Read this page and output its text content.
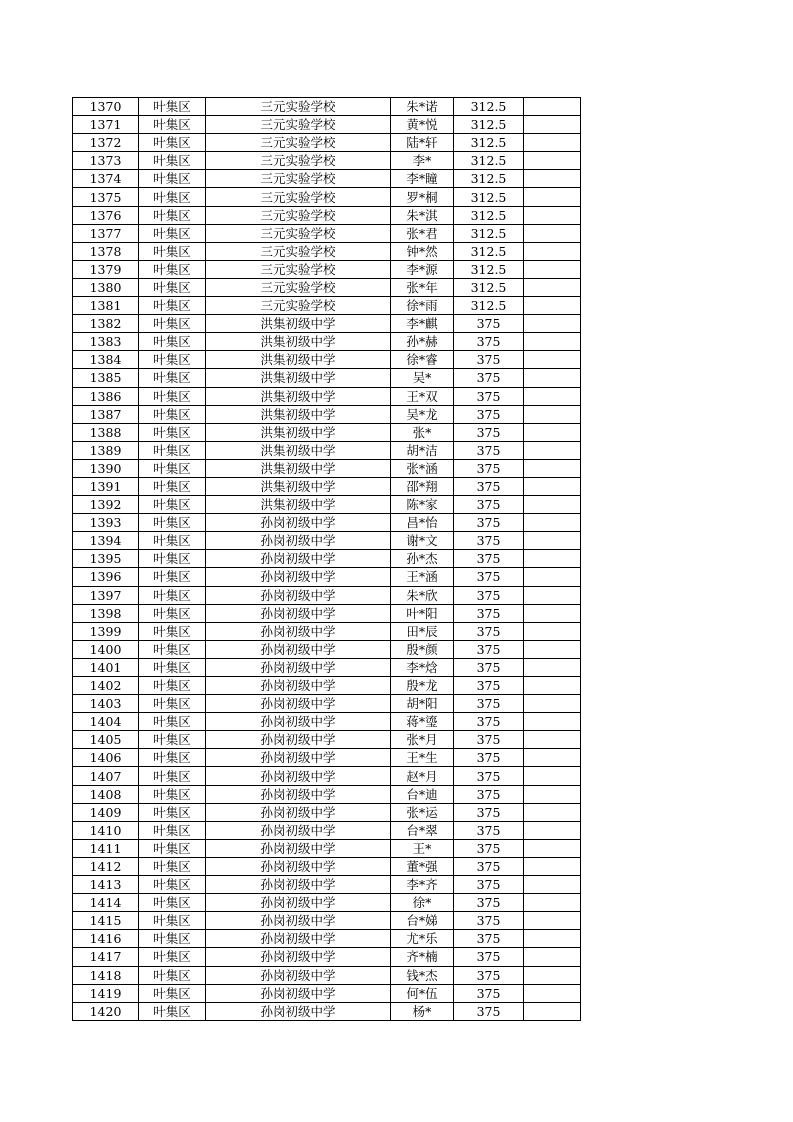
1370	叶集区	三元实验学校	朱*诺	312.5	
1371	叶集区	三元实验学校	黄*悦	312.5	
1372	叶集区	三元实验学校	陆*轩	312.5	
1373	叶集区	三元实验学校	李*	312.5	
1374	叶集区	三元实验学校	李*瞳	312.5	
1375	叶集区	三元实验学校	罗*桐	312.5	
1376	叶集区	三元实验学校	朱*淇	312.5	
1377	叶集区	三元实验学校	张*君	312.5	
1378	叶集区	三元实验学校	钟*然	312.5	
1379	叶集区	三元实验学校	李*源	312.5	
1380	叶集区	三元实验学校	张*年	312.5	
1381	叶集区	三元实验学校	徐*雨	312.5	
1382	叶集区	洪集初级中学	李*麒	375	
1383	叶集区	洪集初级中学	孙*赫	375	
1384	叶集区	洪集初级中学	徐*睿	375	
1385	叶集区	洪集初级中学	吴*	375	
1386	叶集区	洪集初级中学	王*双	375	
1387	叶集区	洪集初级中学	吴*龙	375	
1388	叶集区	洪集初级中学	张*	375	
1389	叶集区	洪集初级中学	胡*洁	375	
1390	叶集区	洪集初级中学	张*涵	375	
1391	叶集区	洪集初级中学	邵*翔	375	
1392	叶集区	洪集初级中学	陈*家	375	
1393	叶集区	孙岗初级中学	昌*怡	375	
1394	叶集区	孙岗初级中学	谢*文	375	
1395	叶集区	孙岗初级中学	孙*杰	375	
1396	叶集区	孙岗初级中学	王*涵	375	
1397	叶集区	孙岗初级中学	朱*欣	375	
1398	叶集区	孙岗初级中学	叶*阳	375	
1399	叶集区	孙岗初级中学	田*辰	375	
1400	叶集区	孙岗初级中学	殷*颜	375	
1401	叶集区	孙岗初级中学	李*焓	375	
1402	叶集区	孙岗初级中学	殷*龙	375	
1403	叶集区	孙岗初级中学	胡*阳	375	
1404	叶集区	孙岗初级中学	蒋*瑬	375	
1405	叶集区	孙岗初级中学	张*月	375	
1406	叶集区	孙岗初级中学	王*生	375	
1407	叶集区	孙岗初级中学	赵*月	375	
1408	叶集区	孙岗初级中学	台*迪	375	
1409	叶集区	孙岗初级中学	张*运	375	
1410	叶集区	孙岗初级中学	台*翠	375	
1411	叶集区	孙岗初级中学	王*	375	
1412	叶集区	孙岗初级中学	董*强	375	
1413	叶集区	孙岗初级中学	李*齐	375	
1414	叶集区	孙岗初级中学	徐*	375	
1415	叶集区	孙岗初级中学	台*娣	375	
1416	叶集区	孙岗初级中学	尤*乐	375	
1417	叶集区	孙岗初级中学	齐*楠	375	
1418	叶集区	孙岗初级中学	钱*杰	375	
1419	叶集区	孙岗初级中学	何*伍	375	
1420	叶集区	孙岗初级中学	杨*	375	
